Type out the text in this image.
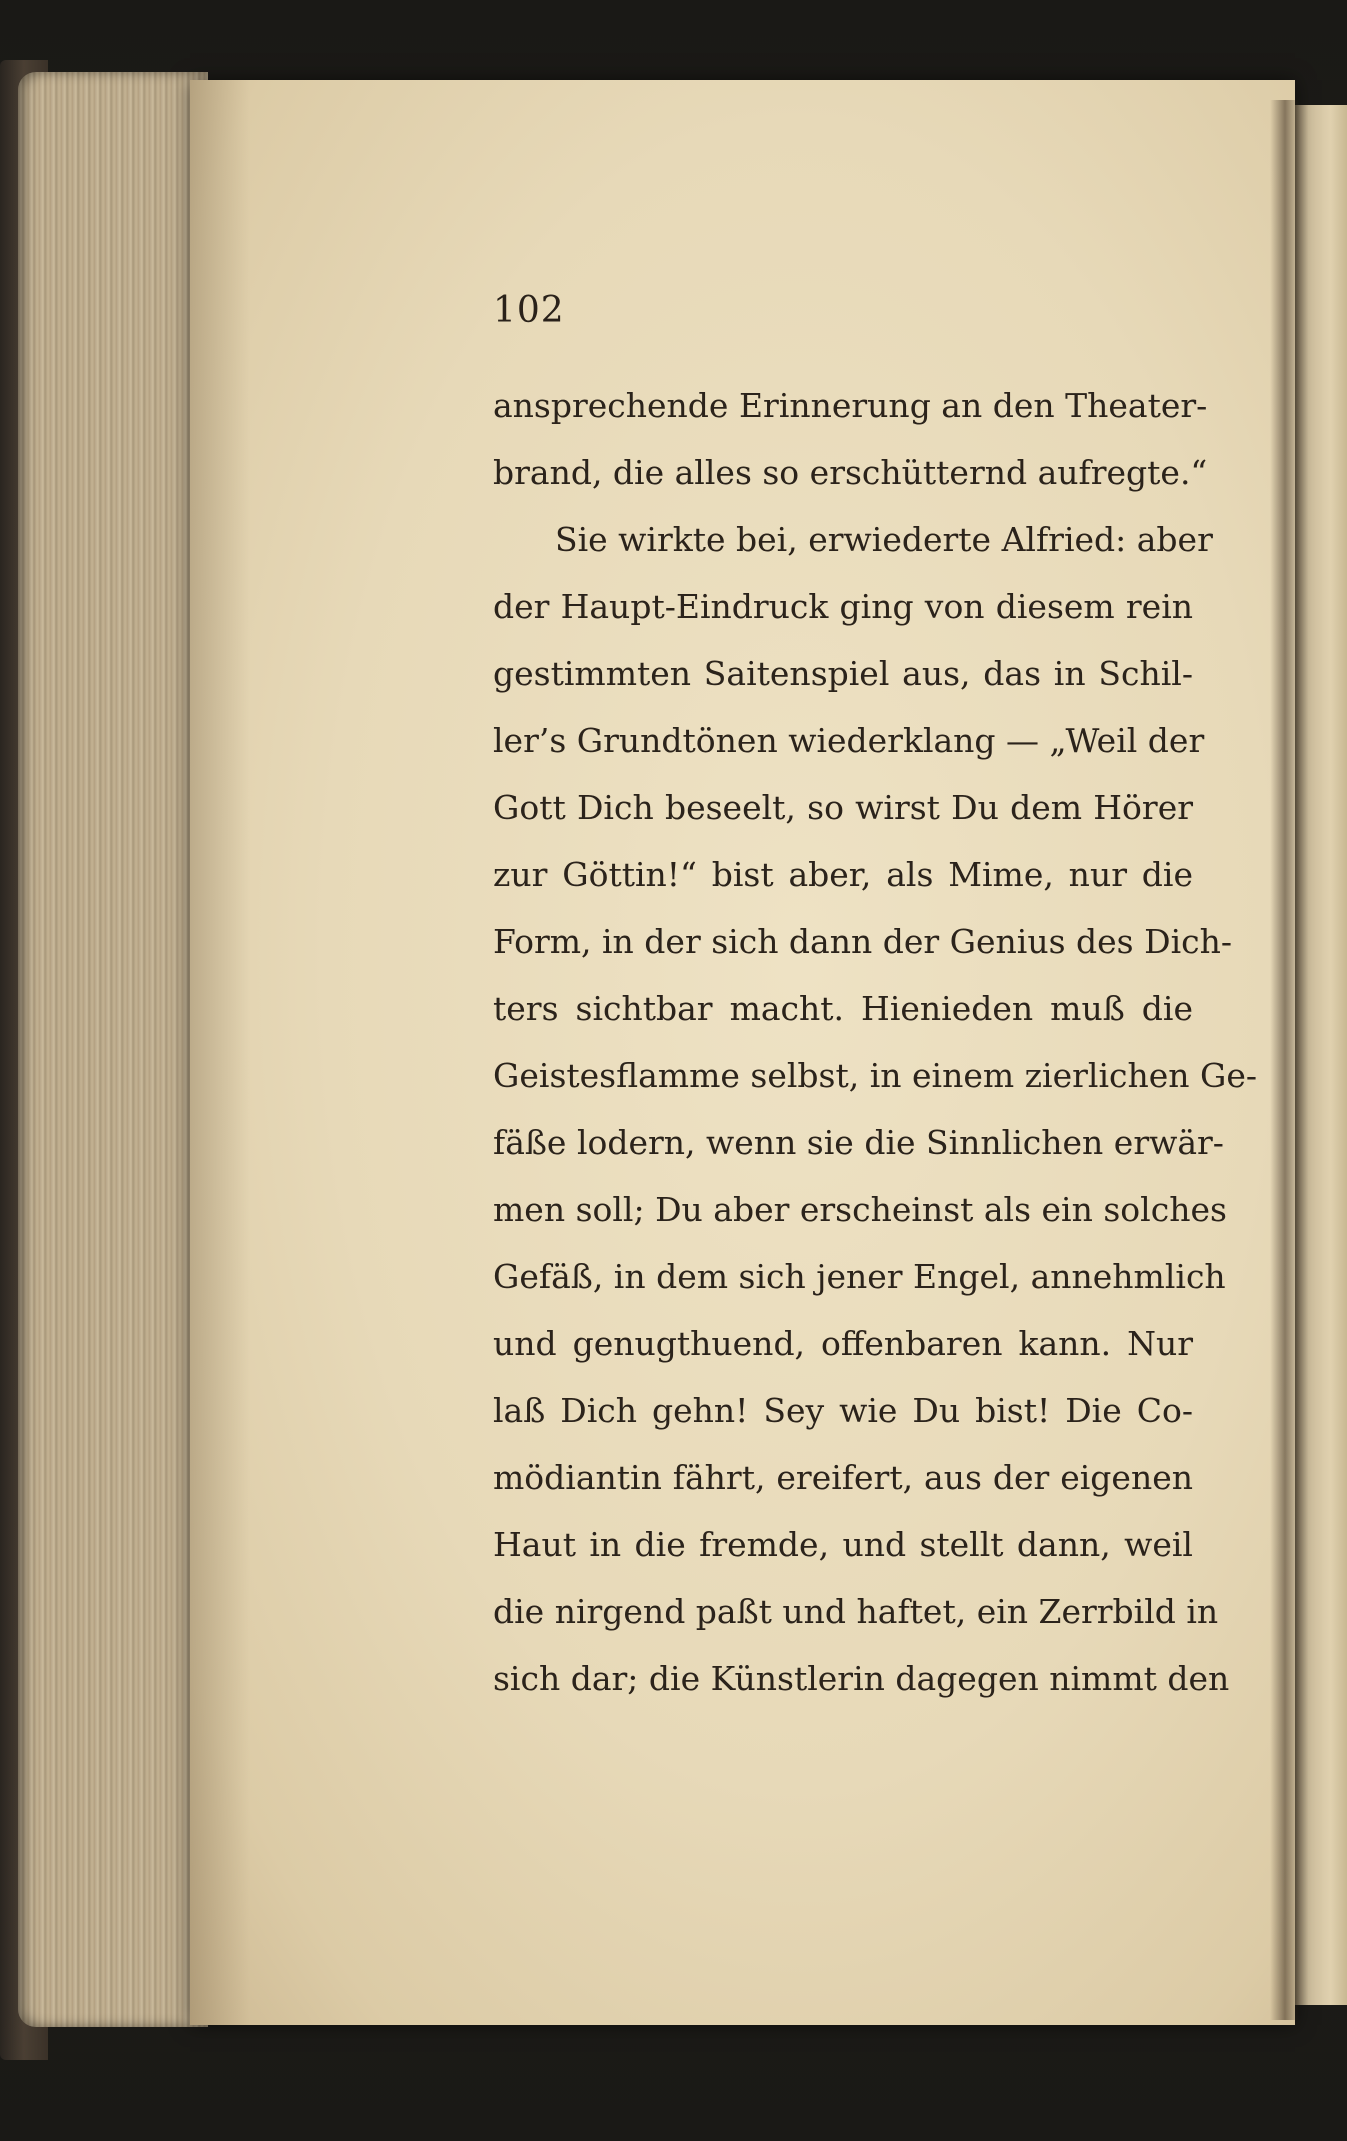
102
ansprechende Erinnerung an den Theater-
brand, die alles so erschütternd aufregte.“
Sie wirkte bei, erwiederte Alfried: aber
der Haupt-Eindruck ging von diesem rein
gestimmten Saitenspiel aus, das in Schil-
ler’s Grundtönen wiederklang — „Weil der
Gott Dich beseelt, so wirst Du dem Hörer
zur Göttin!“ bist aber, als Mime, nur die
Form, in der sich dann der Genius des Dich-
ters sichtbar macht. Hienieden muß die
Geistesflamme selbst, in einem zierlichen Ge-
fäße lodern, wenn sie die Sinnlichen erwär-
men soll; Du aber erscheinst als ein solches
Gefäß, in dem sich jener Engel, annehmlich
und genugthuend, offenbaren kann. Nur
laß Dich gehn! Sey wie Du bist! Die Co-
mödiantin fährt, ereifert, aus der eigenen
Haut in die fremde, und stellt dann, weil
die nirgend paßt und haftet, ein Zerrbild in
sich dar; die Künstlerin dagegen nimmt den
